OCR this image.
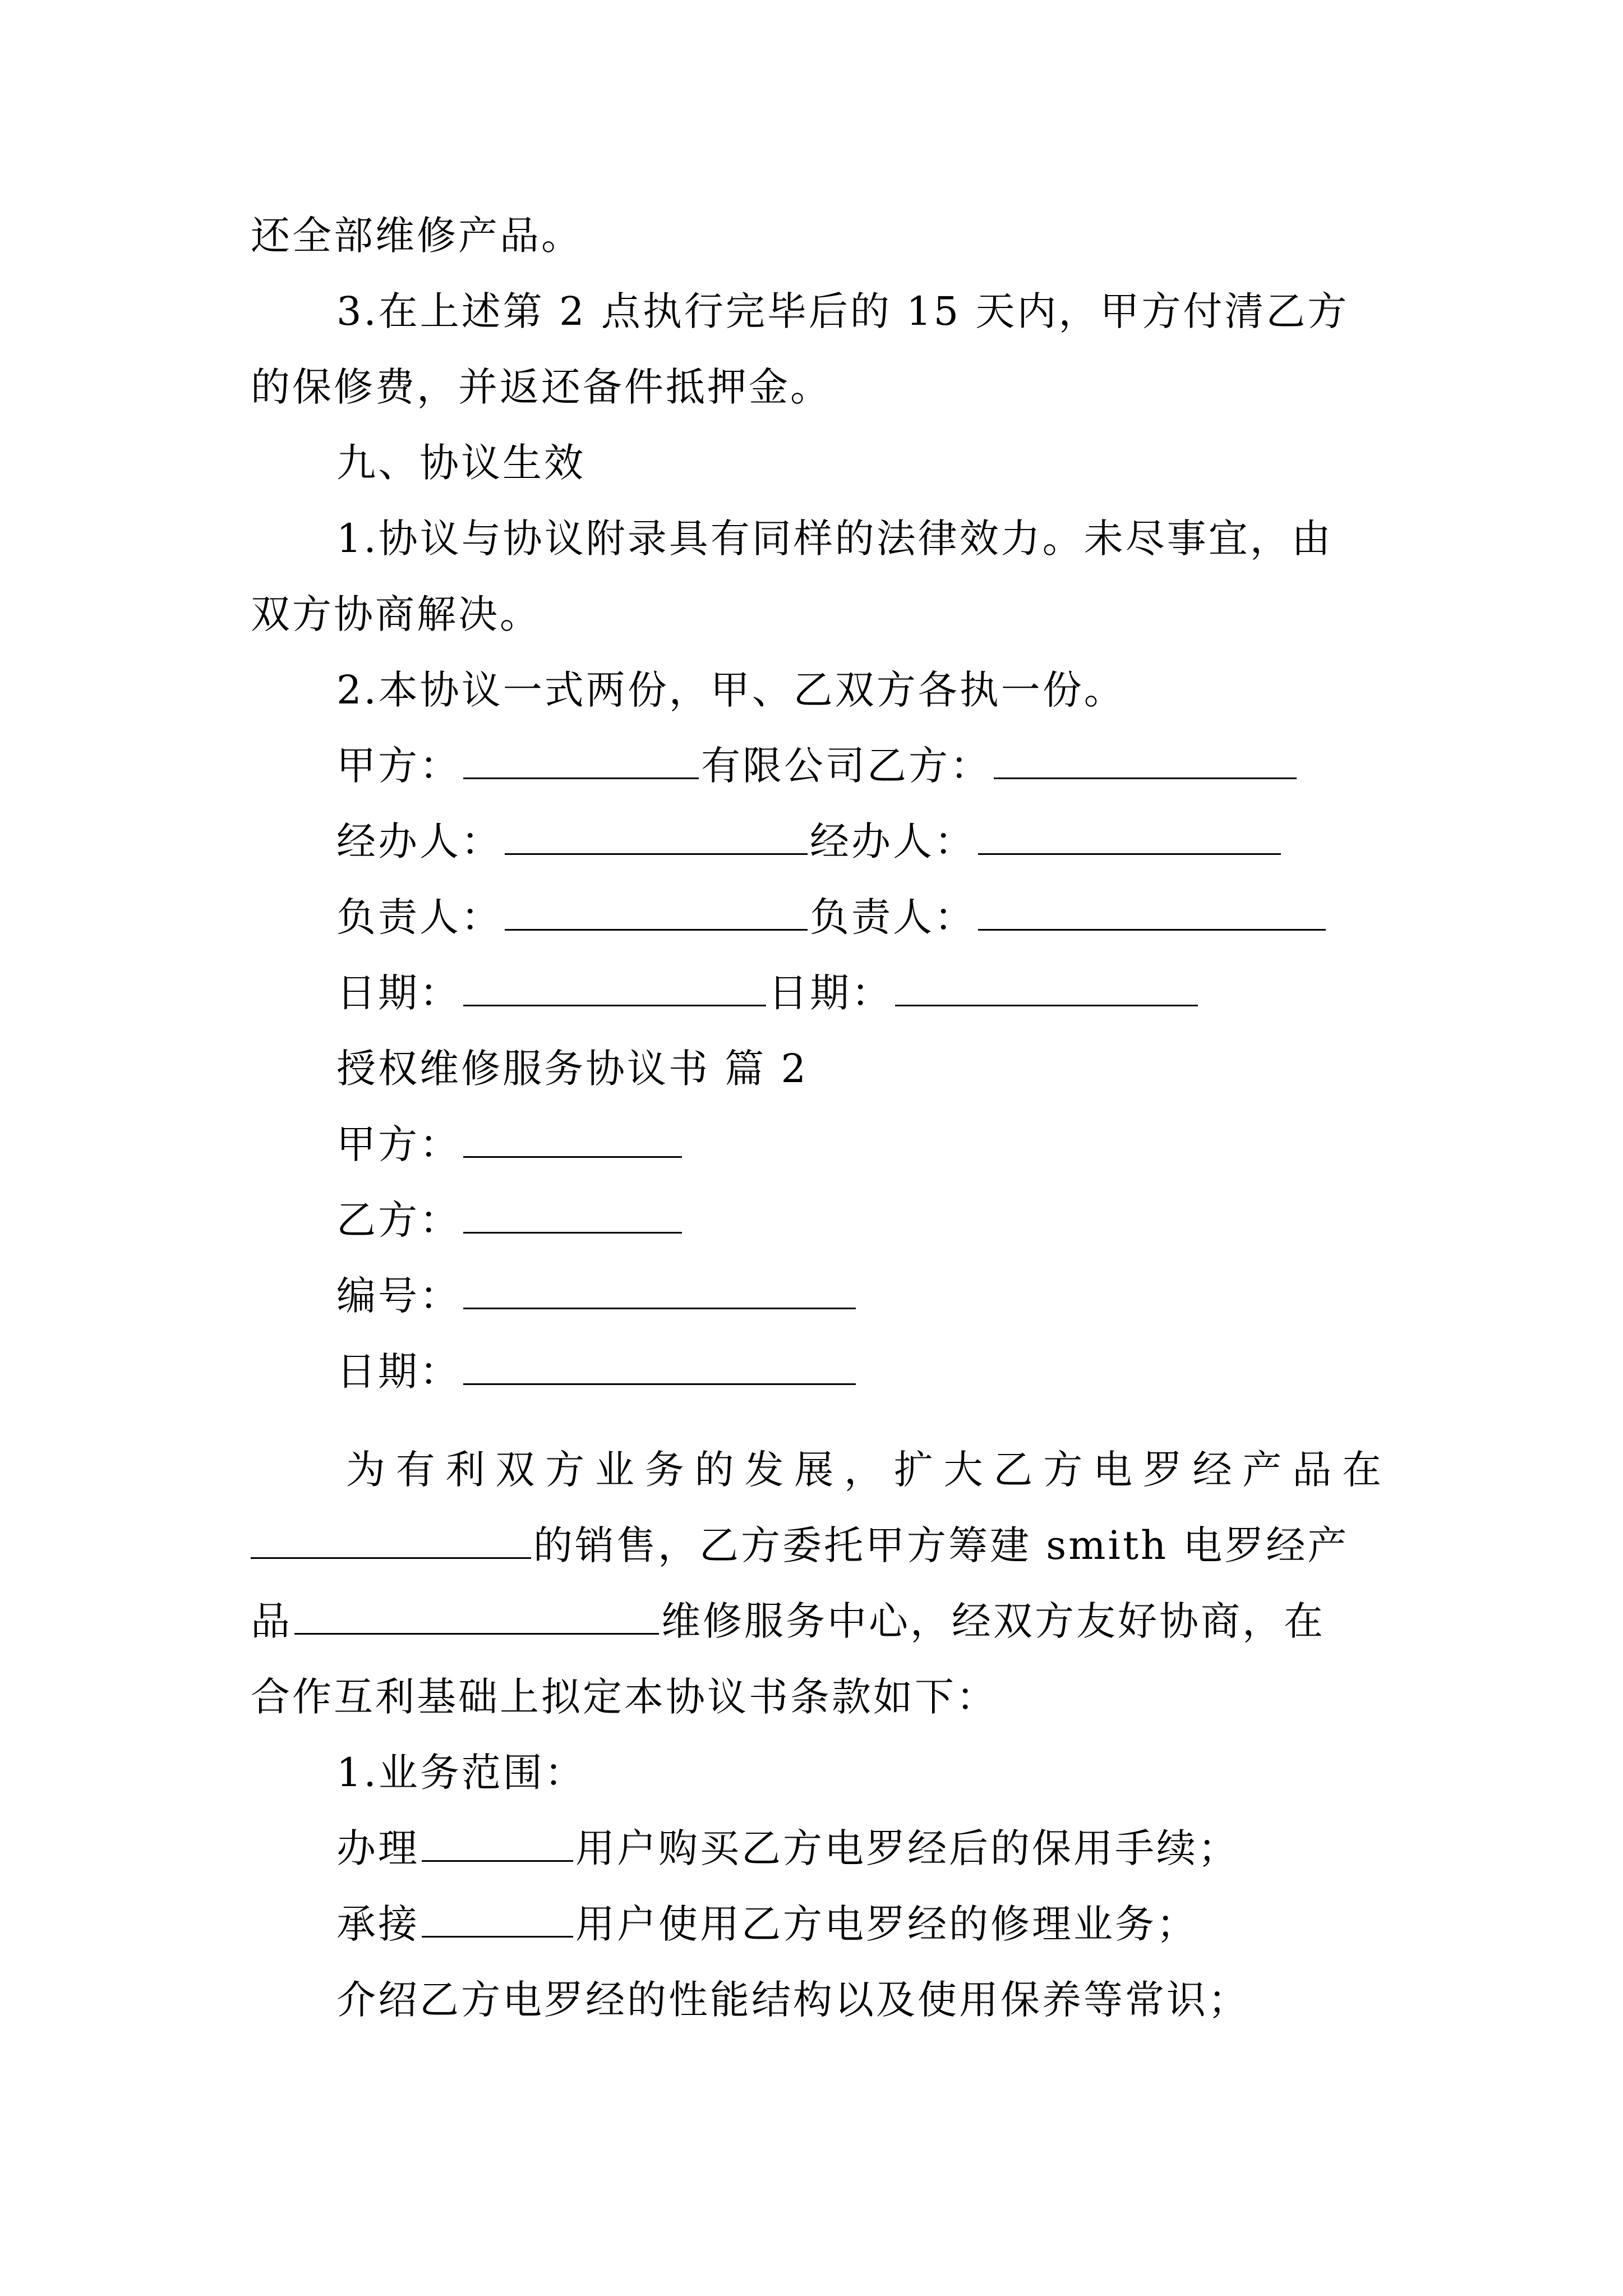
还全部维修产品。
3.在上述第 2 点执行完毕后的 15 天内，甲方付清乙方
的保修费，并返还备件抵押金。
九、协议生效
1.协议与协议附录具有同样的法律效力。未尽事宜，由
双方协商解决。
2.本协议一式两份，甲、乙双方各执一份。
甲方：	有限公司乙方：
经办人：	经办人：
负责人：	负责人：
日期：	日期：
授权维修服务协议书 篇 2
甲方：
乙方：
编号：
日期：
为有利双方业务的发展，扩大乙方电罗经产品在
的销售，乙方委托甲方筹建 smith 电罗经产
品	维修服务中心，经双方友好协商，在
合作互利基础上拟定本协议书条款如下：
1.业务范围：
办理	用户购买乙方电罗经后的保用手续；
承接	用户使用乙方电罗经的修理业务；
介绍乙方电罗经的性能结构以及使用保养等常识；
